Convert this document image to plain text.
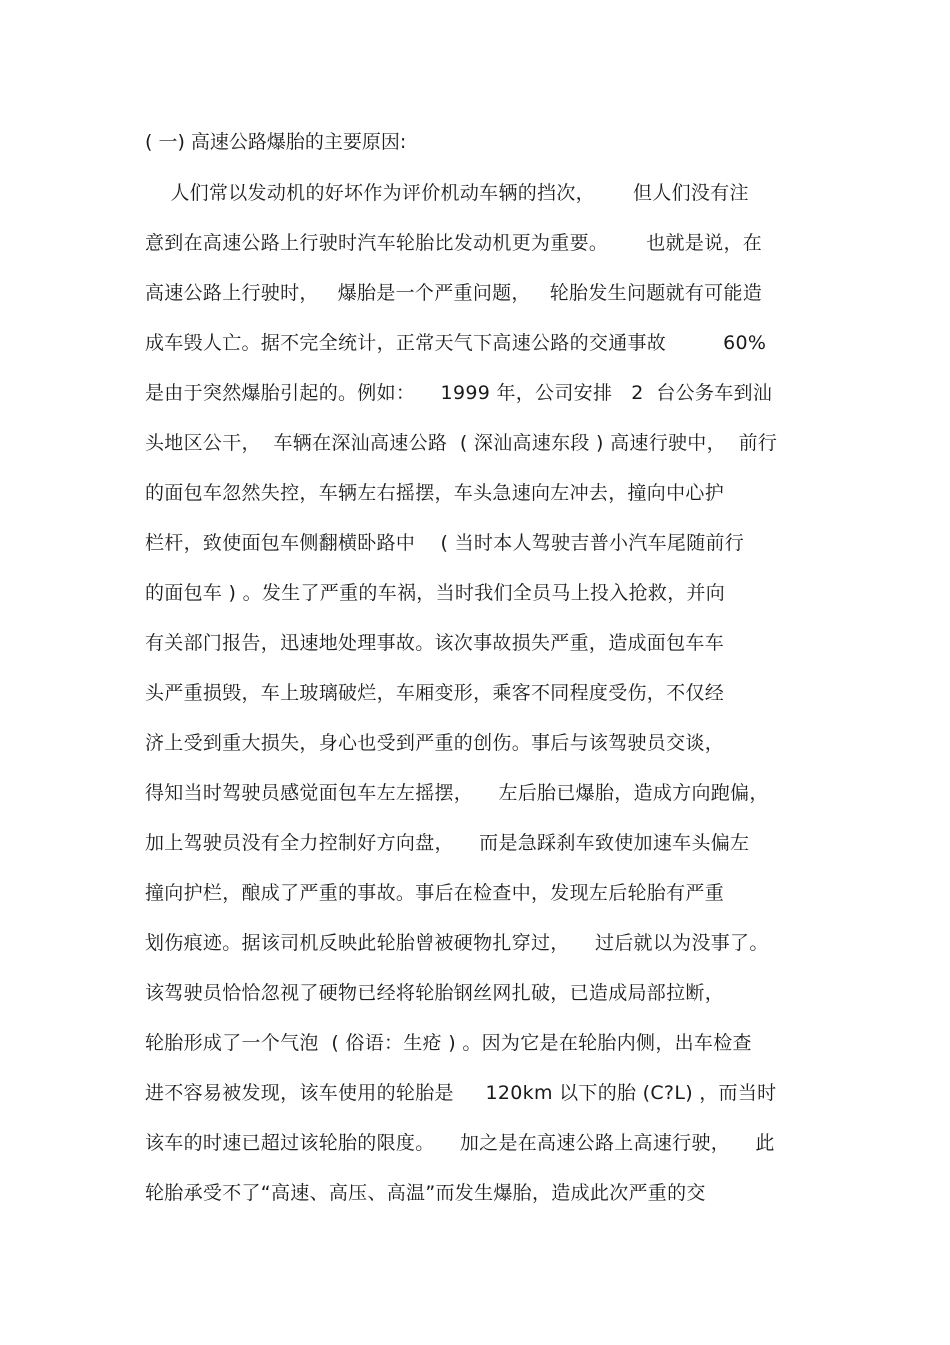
( 一) 高速公路爆胎的主要原因:
人们常以发动机的好坏作为评价机动车辆的挡次，      但人们没有注
意到在高速公路上行驶时汽车轮胎比发动机更为重要。      也就是说，在
高速公路上行驶时，   爆胎是一个严重问题，   轮胎发生问题就有可能造
成车毁人亡。据不完全统计，正常天气下高速公路的交通事故         60%
是由于突然爆胎引起的。例如：    1999 年，公司安排   2  台公务车到汕
头地区公干，  车辆在深汕高速公路  ( 深汕高速东段 ) 高速行驶中，  前行
的面包车忽然失控，车辆左右摇摆，车头急速向左冲去，撞向中心护
栏杆，致使面包车侧翻横卧路中    ( 当时本人驾驶吉普小汽车尾随前行
的面包车 ) 。发生了严重的车祸，当时我们全员马上投入抢救，并向
有关部门报告，迅速地处理事故。该次事故损失严重，造成面包车车
头严重损毁，车上玻璃破烂，车厢变形，乘客不同程度受伤，不仅经
济上受到重大损失，身心也受到严重的创伤。事后与该驾驶员交谈，
得知当时驾驶员感觉面包车左左摇摆，    左后胎已爆胎，造成方向跑偏，
加上驾驶员没有全力控制好方向盘，    而是急踩刹车致使加速车头偏左
撞向护栏，酿成了严重的事故。事后在检查中，发现左后轮胎有严重
划伤痕迹。据该司机反映此轮胎曾被硬物扎穿过，    过后就以为没事了。
该驾驶员恰恰忽视了硬物已经将轮胎钢丝网扎破，已造成局部拉断，
轮胎形成了一个气泡  ( 俗语：生疮 ) 。因为它是在轮胎内侧，出车检查
进不容易被发现，该车使用的轮胎是     120km 以下的胎 (C?L) ，而当时
该车的时速已超过该轮胎的限度。    加之是在高速公路上高速行驶，    此
轮胎承受不了“高速、高压、高温”而发生爆胎，造成此次严重的交
